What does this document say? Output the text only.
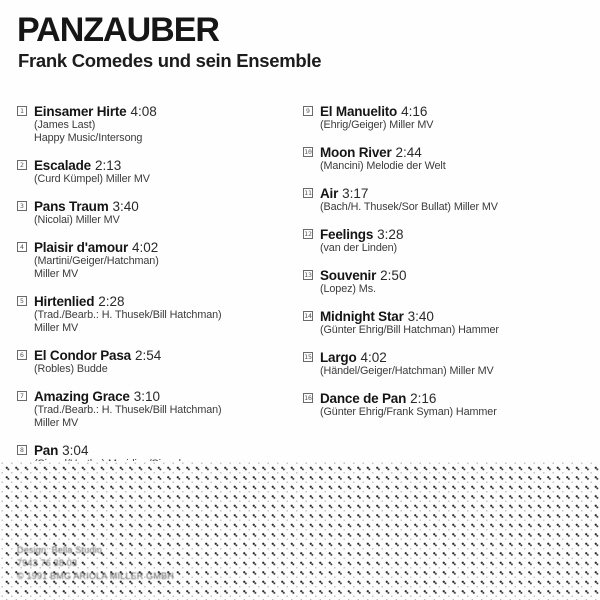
PANZAUBER
Frank Comedes und sein Ensemble
1 Einsamer Hirte 4:08
(James Last)
Happy Music/Intersong
2 Escalade 2:13
(Curd Kümpel) Miller MV
3 Pans Traum 3:40
(Nicolai) Miller MV
4 Plaisir d'amour 4:02
(Martini/Geiger/Hatchman)
Miller MV
5 Hirtenlied 2:28
(Trad./Bearb.: H. Thusek/Bill Hatchman)
Miller MV
6 El Condor Pasa 2:54
(Robles) Budde
7 Amazing Grace 3:10
(Trad./Bearb.: H. Thusek/Bill Hatchman)
Miller MV
8 Pan 3:04
9 El Manuelito 4:16
(Ehrig/Geiger) Miller MV
10 Moon River 2:44
(Mancini) Melodie der Welt
11 Air 3:17
(Bach/H. Thusek/Sor Bullat) Miller MV
12 Feelings 3:28
(van der Linden)
13 Souvenir 2:50
(Lopez) Ms.
14 Midnight Star 3:40
(Günter Ehrig/Bill Hatchman) Hammer
15 Largo 4:02
(Händel/Geiger/Hatchman) Miller MV
16 Dance de Pan 2:16
(Günter Ehrig/Frank Syman) Hammer
Design: Bella Studio
7943 76 38 03
© 1991 BMG ARIOLA MILLER GMBH
